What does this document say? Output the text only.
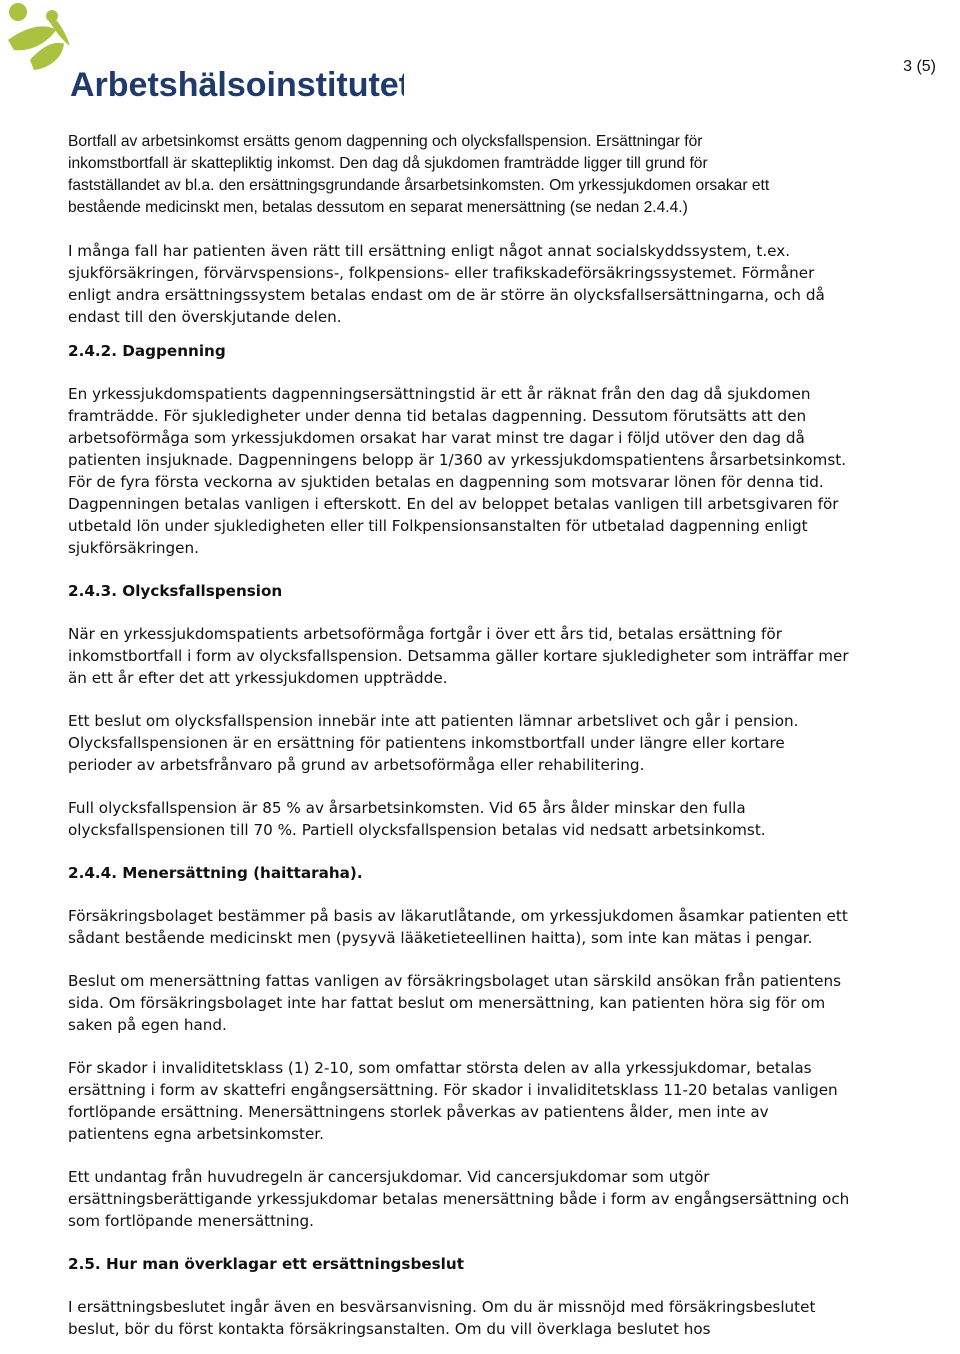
Arbetshälsoinstitutet	3 (5)
Bortfall av arbetsinkomst ersätts genom dagpenning och olycksfallspension. Ersättningar för
inkomstbortfall är skattepliktig inkomst. Den dag då sjukdomen framträdde ligger till grund för
fastställandet av bl.a. den ersättningsgrundande årsarbetsinkomsten. Om yrkessjukdomen orsakar ett
bestående medicinskt men, betalas dessutom en separat menersättning (se nedan 2.4.4.)
I många fall har patienten även rätt till ersättning enligt något annat socialskyddssystem, t.ex.
sjukförsäkringen, förvärvspensions-, folkpensions- eller trafikskadeförsäkringssystemet. Förmåner
enligt andra ersättningssystem betalas endast om de är större än olycksfallsersättningarna, och då
endast till den överskjutande delen.
2.4.2. Dagpenning
En yrkessjukdomspatients dagpenningsersättningstid är ett år räknat från den dag då sjukdomen
framträdde. För sjukledigheter under denna tid betalas dagpenning. Dessutom förutsätts att den
arbetsoförmåga som yrkessjukdomen orsakat har varat minst tre dagar i följd utöver den dag då
patienten insjuknade. Dagpenningens belopp är 1/360 av yrkessjukdomspatientens årsarbetsinkomst.
För de fyra första veckorna av sjuktiden betalas en dagpenning som motsvarar lönen för denna tid.
Dagpenningen betalas vanligen i efterskott. En del av beloppet betalas vanligen till arbetsgivaren för
utbetald lön under sjukledigheten eller till Folkpensionsanstalten för utbetalad dagpenning enligt
sjukförsäkringen.
2.4.3. Olycksfallspension
När en yrkessjukdomspatients arbetsoförmåga fortgår i över ett års tid, betalas ersättning för
inkomstbortfall i form av olycksfallspension. Detsamma gäller kortare sjukledigheter som inträffar mer
än ett år efter det att yrkessjukdomen uppträdde.
Ett beslut om olycksfallspension innebär inte att patienten lämnar arbetslivet och går i pension.
Olycksfallspensionen är en ersättning för patientens inkomstbortfall under längre eller kortare
perioder av arbetsfrånvaro på grund av arbetsoförmåga eller rehabilitering.
Full olycksfallspension är 85 % av årsarbetsinkomsten. Vid 65 års ålder minskar den fulla
olycksfallspensionen till 70 %. Partiell olycksfallspension betalas vid nedsatt arbetsinkomst.
2.4.4. Menersättning (haittaraha).
Försäkringsbolaget bestämmer på basis av läkarutlåtande, om yrkessjukdomen åsamkar patienten ett
sådant bestående medicinskt men (pysyvä lääketieteellinen haitta), som inte kan mätas i pengar.
Beslut om menersättning fattas vanligen av försäkringsbolaget utan särskild ansökan från patientens
sida. Om försäkringsbolaget inte har fattat beslut om menersättning, kan patienten höra sig för om
saken på egen hand.
För skador i invaliditetsklass (1) 2-10, som omfattar största delen av alla yrkessjukdomar, betalas
ersättning i form av skattefri engångsersättning. För skador i invaliditetsklass 11-20 betalas vanligen
fortlöpande ersättning. Menersättningens storlek påverkas av patientens ålder, men inte av
patientens egna arbetsinkomster.
Ett undantag från huvudregeln är cancersjukdomar. Vid cancersjukdomar som utgör
ersättningsberättigande yrkessjukdomar betalas menersättning både i form av engångsersättning och
som fortlöpande menersättning.
2.5. Hur man överklagar ett ersättningsbeslut
I ersättningsbeslutet ingår även en besvärsanvisning. Om du är missnöjd med försäkringsbeslutet
beslut, bör du först kontakta försäkringsanstalten. Om du vill överklaga beslutet hos
